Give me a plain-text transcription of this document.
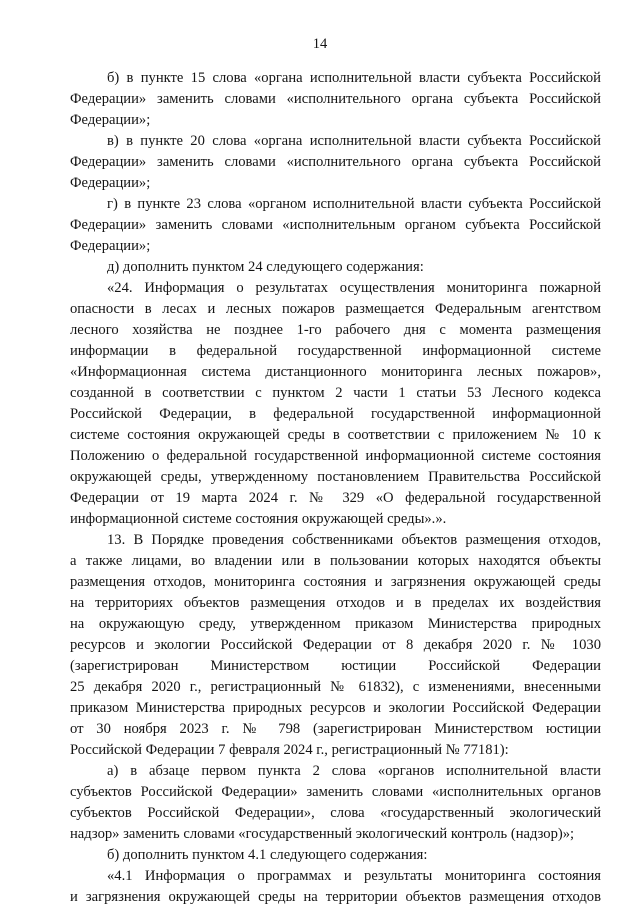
14
б) в пункте 15 слова «органа исполнительной власти субъекта Российской
Федерации» заменить словами «исполнительного органа субъекта Российской
Федерации»;
в) в пункте 20 слова «органа исполнительной власти субъекта Российской
Федерации» заменить словами «исполнительного органа субъекта Российской
Федерации»;
г) в пункте 23 слова «органом исполнительной власти субъекта Российской
Федерации» заменить словами «исполнительным органом субъекта Российской
Федерации»;
д) дополнить пунктом 24 следующего содержания:
«24. Информация о результатах осуществления мониторинга пожарной
опасности в лесах и лесных пожаров размещается Федеральным агентством
лесного хозяйства не позднее 1-го рабочего дня с момента размещения
информации в федеральной государственной информационной системе
«Информационная система дистанционного мониторинга лесных пожаров»,
созданной в соответствии с пунктом 2 части 1 статьи 53 Лесного кодекса
Российской Федерации, в федеральной государственной информационной
системе состояния окружающей среды в соответствии с приложением № 10 к
Положению о федеральной государственной информационной системе состояния
окружающей среды, утвержденному постановлением Правительства Российской
Федерации от 19 марта 2024 г. № 329 «О федеральной государственной
информационной системе состояния окружающей среды».».
13. В Порядке проведения собственниками объектов размещения отходов,
а также лицами, во владении или в пользовании которых находятся объекты
размещения отходов, мониторинга состояния и загрязнения окружающей среды
на территориях объектов размещения отходов и в пределах их воздействия
на окружающую среду, утвержденном приказом Министерства природных
ресурсов и экологии Российской Федерации от 8 декабря 2020 г. № 1030
(зарегистрирован Министерством юстиции Российской Федерации
25 декабря 2020 г., регистрационный № 61832), с изменениями, внесенными
приказом Министерства природных ресурсов и экологии Российской Федерации
от 30 ноября 2023 г. № 798 (зарегистрирован Министерством юстиции
Российской Федерации 7 февраля 2024 г., регистрационный № 77181):
а) в абзаце первом пункта 2 слова «органов исполнительной власти
субъектов Российской Федерации» заменить словами «исполнительных органов
субъектов Российской Федерации», слова «государственный экологический
надзор» заменить словами «государственный экологический контроль (надзор)»;
б) дополнить пунктом 4.1 следующего содержания:
«4.1 Информация о программах и результаты мониторинга состояния
и загрязнения окружающей среды на территории объектов размещения отходов
